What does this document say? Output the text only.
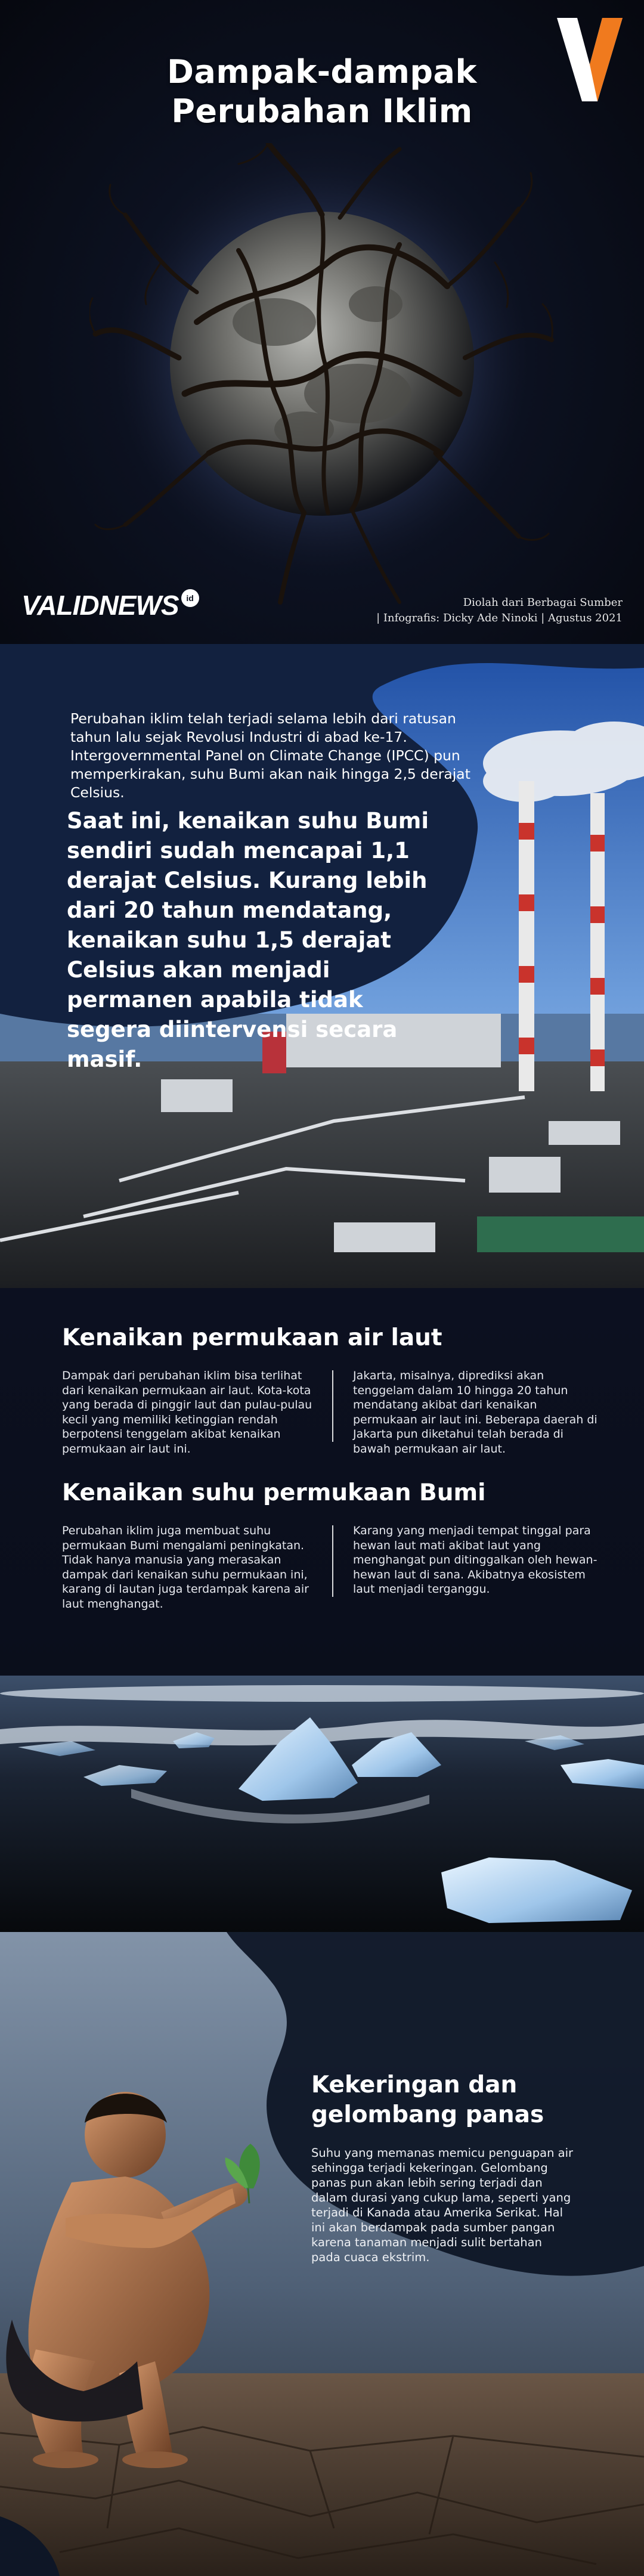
Dampak-dampak
Perubahan Iklim
VALIDNEWS id	Diolah dari Berbagai Sumber
| Infografis: Dicky Ade Ninoki | Agustus 2021
Perubahan iklim telah terjadi selama lebih dari ratusan tahun lalu sejak Revolusi Industri di abad ke-17. Intergovernmental Panel on Climate Change (IPCC) pun memperkirakan, suhu Bumi akan naik hingga 2,5 derajat Celsius.
Saat ini, kenaikan suhu Bumi sendiri sudah mencapai 1,1 derajat Celsius. Kurang lebih dari 20 tahun mendatang, kenaikan suhu 1,5 derajat Celsius akan menjadi permanen apabila tidak segera diintervensi secara masif.
Kenaikan permukaan air laut
Dampak dari perubahan iklim bisa terlihat dari kenaikan permukaan air laut. Kota-kota yang berada di pinggir laut dan pulau-pulau kecil yang memiliki ketinggian rendah berpotensi tenggelam akibat kenaikan permukaan air laut ini.
Jakarta, misalnya, diprediksi akan tenggelam dalam 10 hingga 20 tahun mendatang akibat dari kenaikan permukaan air laut ini. Beberapa daerah di Jakarta pun diketahui telah berada di bawah permukaan air laut.
Kenaikan suhu permukaan Bumi
Perubahan iklim juga membuat suhu permukaan Bumi mengalami peningkatan. Tidak hanya manusia yang merasakan dampak dari kenaikan suhu permukaan ini, karang di lautan juga terdampak karena air laut menghangat.
Karang yang menjadi tempat tinggal para hewan laut mati akibat laut yang menghangat pun ditinggalkan oleh hewan-hewan laut di sana. Akibatnya ekosistem laut menjadi terganggu.
Kekeringan dan
gelombang panas
Suhu yang memanas memicu penguapan air sehingga terjadi kekeringan. Gelombang panas pun akan lebih sering terjadi dan dalam durasi yang cukup lama, seperti yang terjadi di Kanada atau Amerika Serikat. Hal ini akan berdampak pada sumber pangan karena tanaman menjadi sulit bertahan pada cuaca ekstrim.
